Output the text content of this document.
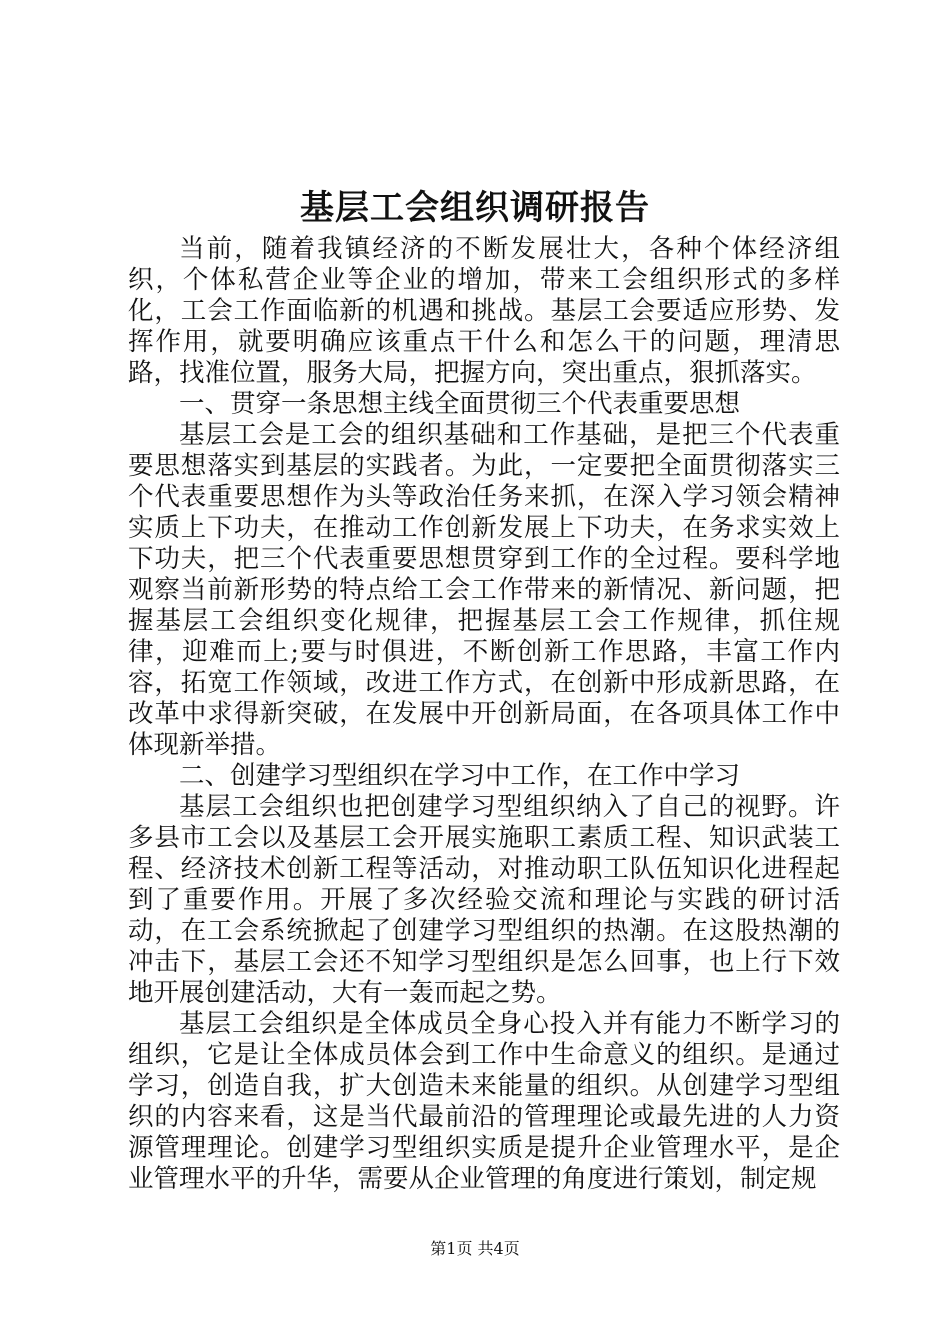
基层工会组织调研报告

当前，随着我镇经济的不断发展壮大，各种个体经济组织，个体私营企业等企业的增加，带来工会组织形式的多样化，工会工作面临新的机遇和挑战。基层工会要适应形势、发挥作用，就要明确应该重点干什么和怎么干的问题，理清思路，找准位置，服务大局，把握方向，突出重点，狠抓落实。

一、贯穿一条思想主线全面贯彻三个代表重要思想

基层工会是工会的组织基础和工作基础，是把三个代表重要思想落实到基层的实践者。为此，一定要把全面贯彻落实三个代表重要思想作为头等政治任务来抓，在深入学习领会精神实质上下功夫，在推动工作创新发展上下功夫，在务求实效上下功夫，把三个代表重要思想贯穿到工作的全过程。要科学地观察当前新形势的特点给工会工作带来的新情况、新问题，把握基层工会组织变化规律，把握基层工会工作规律，抓住规律，迎难而上;要与时俱进，不断创新工作思路，丰富工作内容，拓宽工作领域，改进工作方式，在创新中形成新思路，在改革中求得新突破，在发展中开创新局面，在各项具体工作中体现新举措。

二、创建学习型组织在学习中工作，在工作中学习

基层工会组织也把创建学习型组织纳入了自己的视野。许多县市工会以及基层工会开展实施职工素质工程、知识武装工程、经济技术创新工程等活动，对推动职工队伍知识化进程起到了重要作用。开展了多次经验交流和理论与实践的研讨活动，在工会系统掀起了创建学习型组织的热潮。在这股热潮的冲击下，基层工会还不知学习型组织是怎么回事，也上行下效地开展创建活动，大有一轰而起之势。

基层工会组织是全体成员全身心投入并有能力不断学习的组织，它是让全体成员体会到工作中生命意义的组织。是通过学习，创造自我，扩大创造未来能量的组织。从创建学习型组织的内容来看，这是当代最前沿的管理理论或最先进的人力资源管理理论。创建学习型组织实质是提升企业管理水平，是企业管理水平的升华，需要从企业管理的角度进行策划，制定规

第1页 共4页
